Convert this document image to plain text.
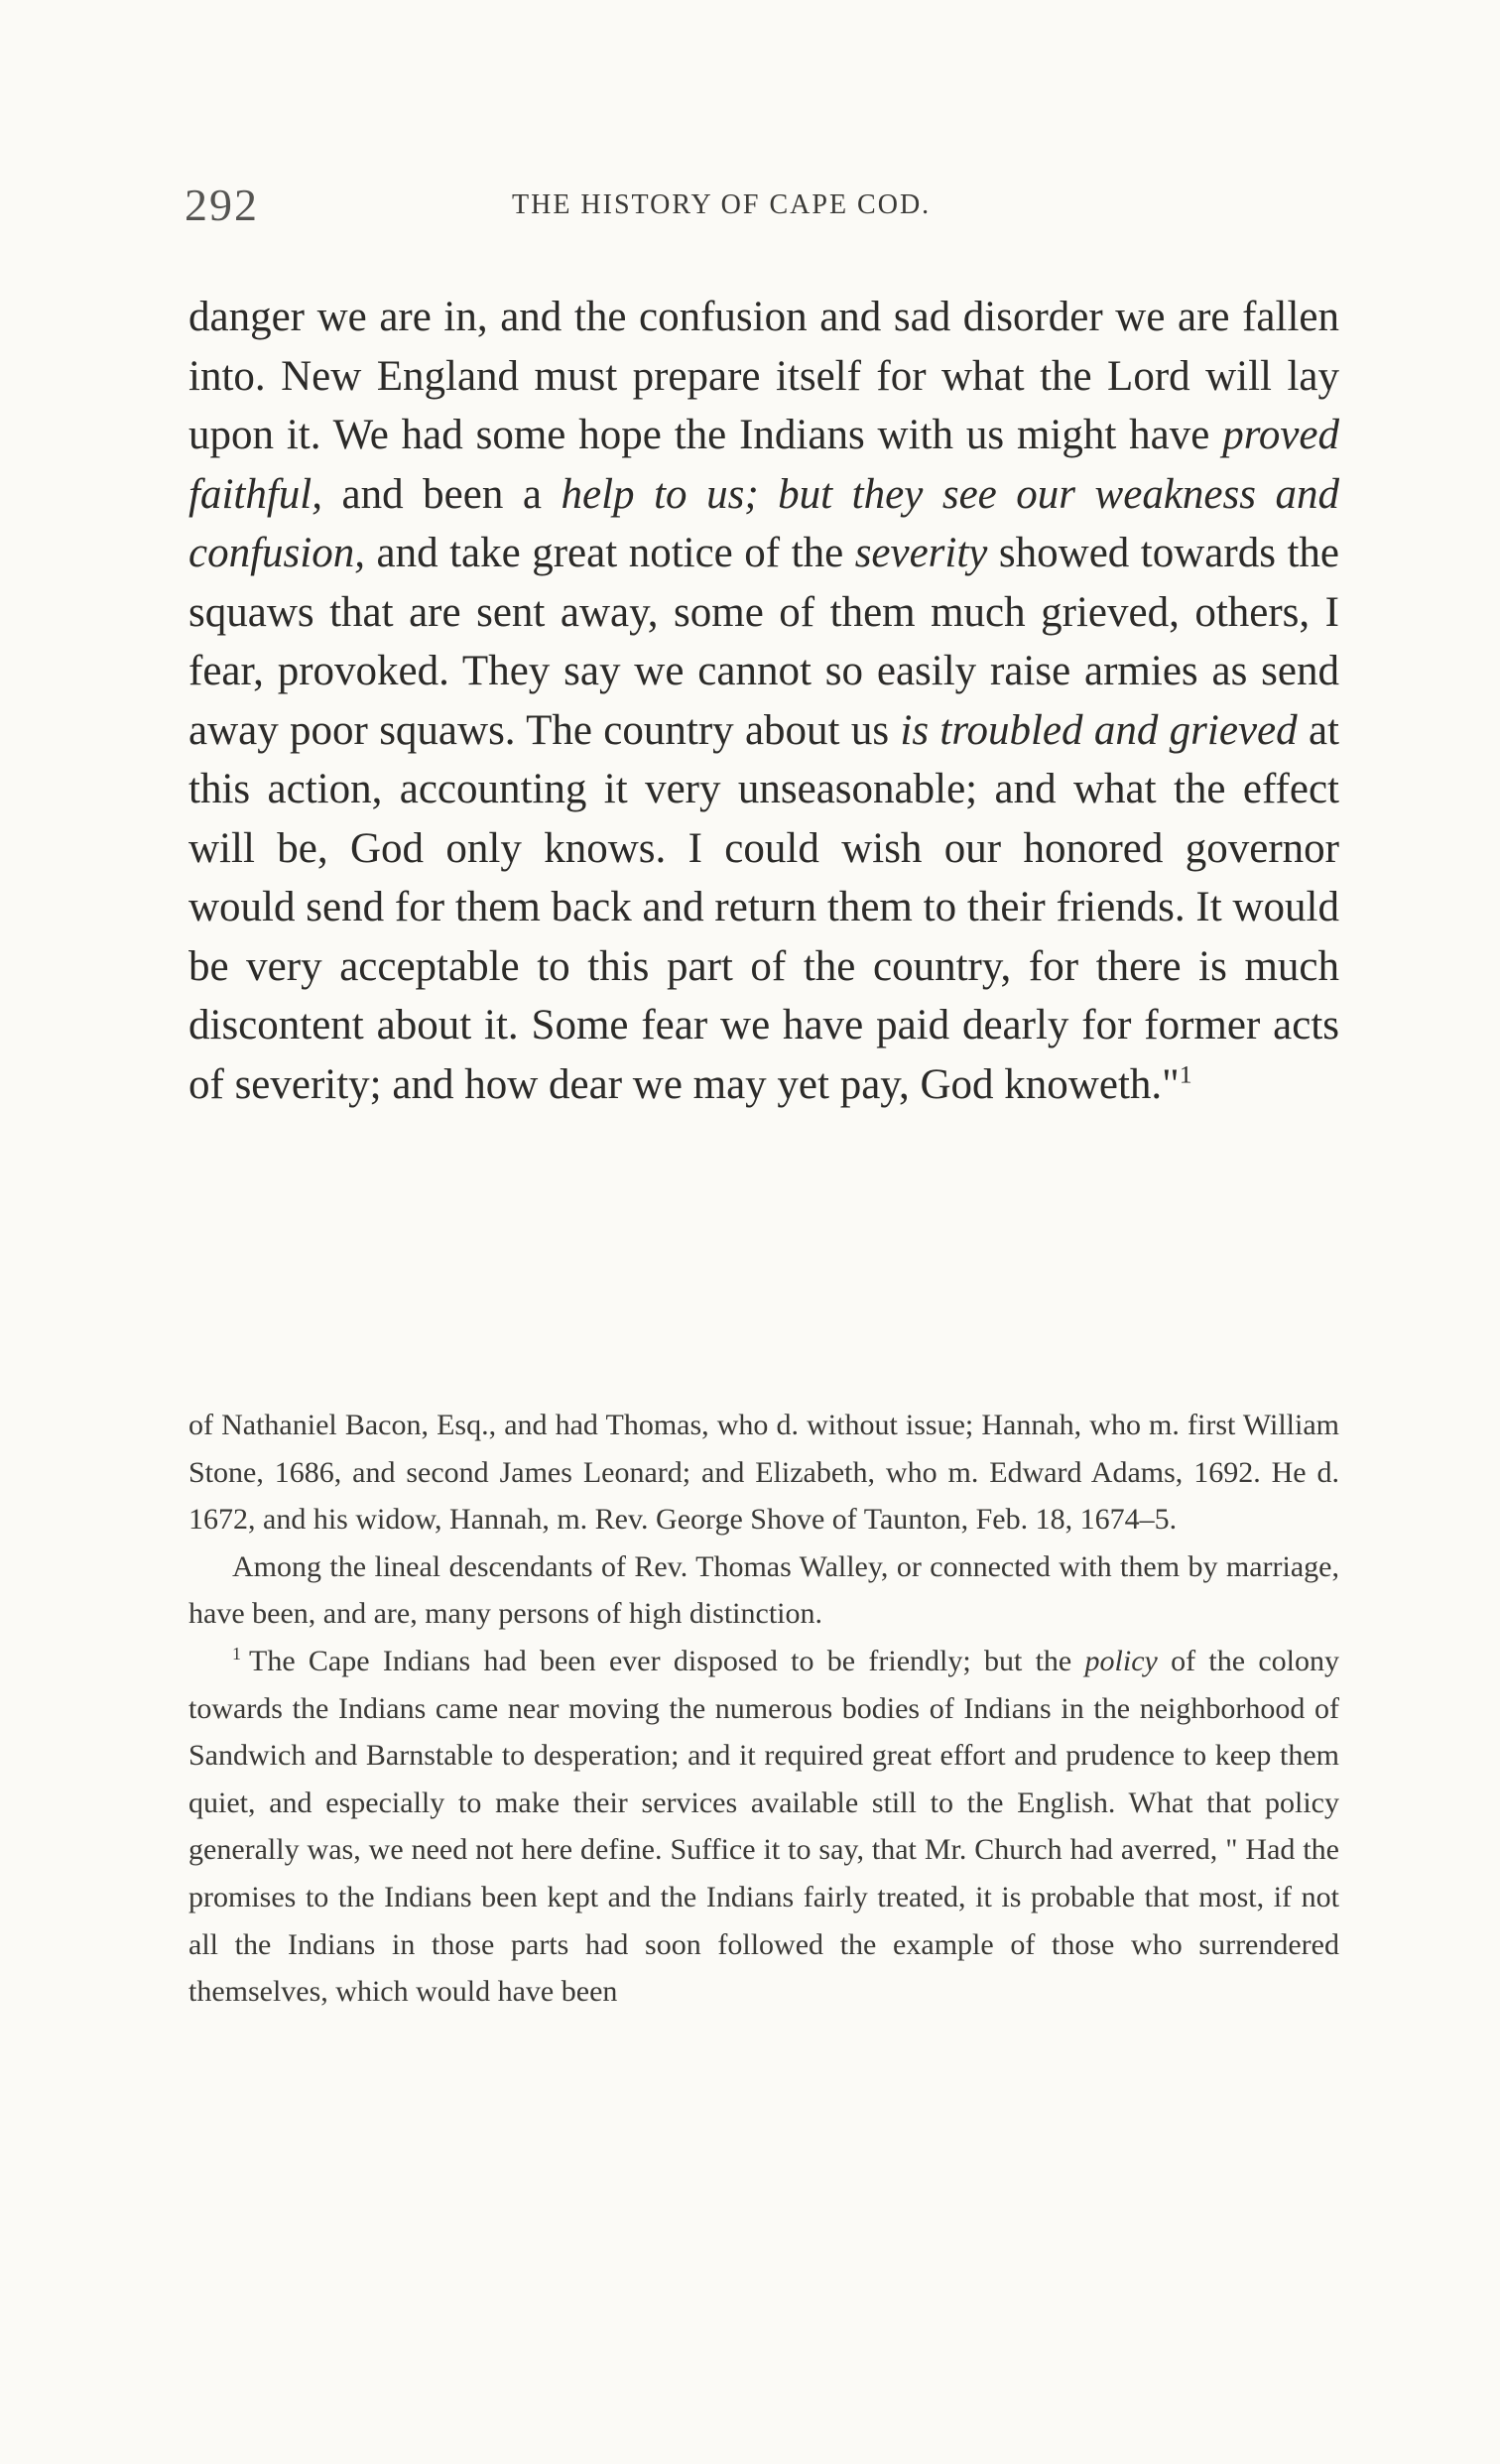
292	THE HISTORY OF CAPE COD.

danger we are in, and the confusion and sad disorder we are fallen into. New England must prepare itself for what the Lord will lay upon it. We had some hope the Indians with us might have proved faithful, and been a help to us; but they see our weakness and confusion, and take great notice of the severity showed towards the squaws that are sent away, some of them much grieved, others, I fear, provoked. They say we cannot so easily raise armies as send away poor squaws. The country about us is troubled and grieved at this action, accounting it very unseasonable; and what the effect will be, God only knows. I could wish our honored governor would send for them back and return them to their friends. It would be very acceptable to this part of the country, for there is much discontent about it. Some fear we have paid dearly for former acts of severity; and how dear we may yet pay, God knoweth."$^1$

of Nathaniel Bacon, Esq., and had Thomas, who d. without issue; Hannah, who m. first William Stone, 1686, and second James Leonard; and Elizabeth, who m. Edward Adams, 1692. He d. 1672, and his widow, Hannah, m. Rev. George Shove of Taunton, Feb. 18, 1674–5.

Among the lineal descendants of Rev. Thomas Walley, or connected with them by marriage, have been, and are, many persons of high distinction.

$^1$ The Cape Indians had been ever disposed to be friendly; but the policy of the colony towards the Indians came near moving the numerous bodies of Indians in the neighborhood of Sandwich and Barnstable to desperation; and it required great effort and prudence to keep them quiet, and especially to make their services available still to the English. What that policy generally was, we need not here define. Suffice it to say, that Mr. Church had averred, " Had the promises to the Indians been kept and the Indians fairly treated, it is probable that most, if not all the Indians in those parts had soon followed the example of those who surrendered themselves, which would have been
